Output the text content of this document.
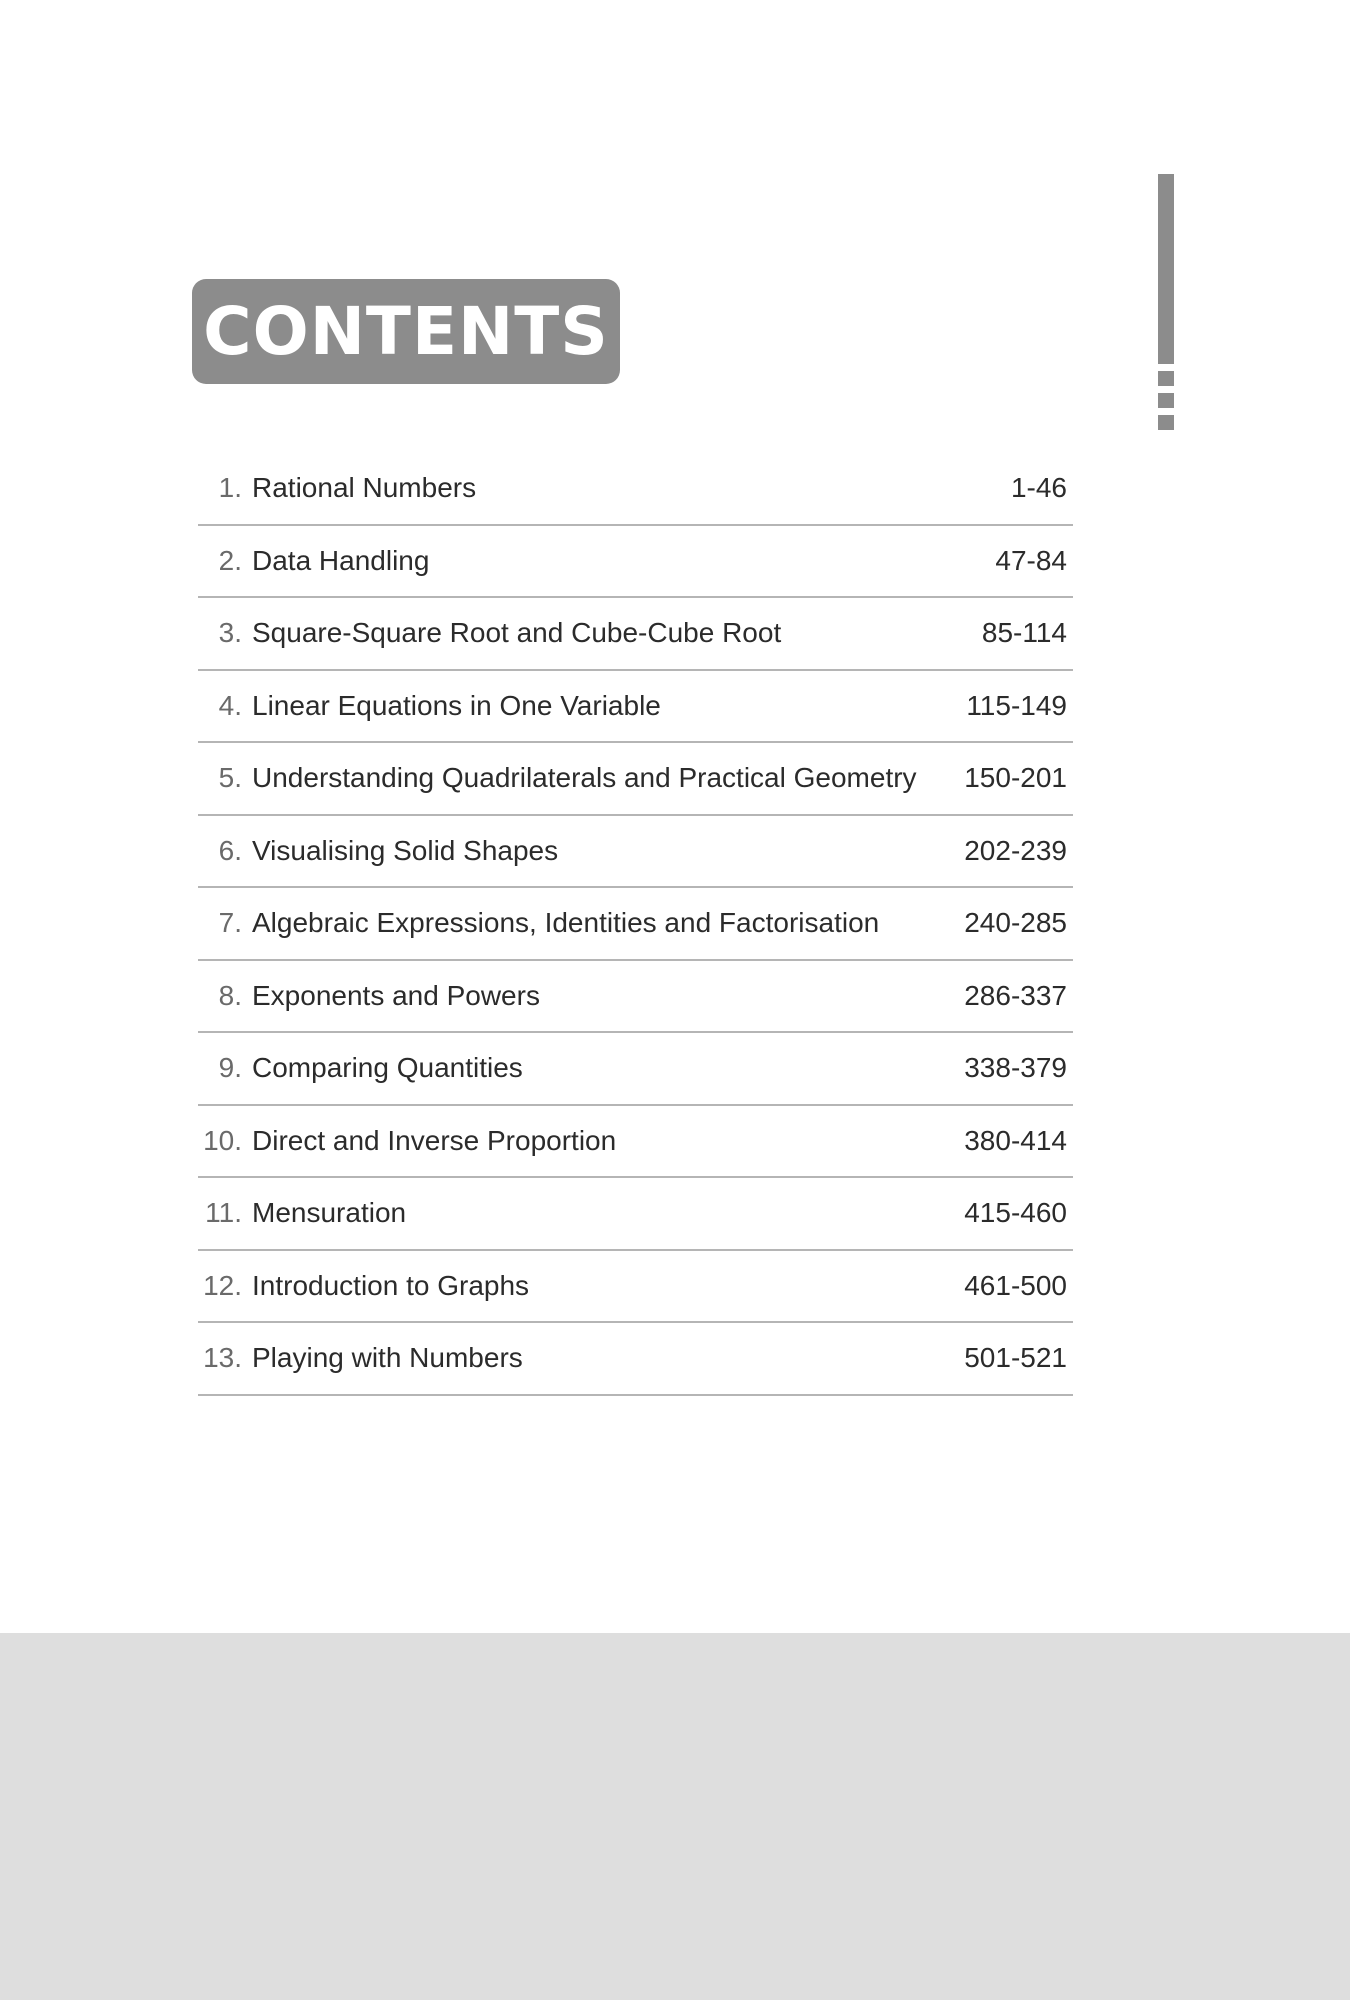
CONTENTS
1. Rational Numbers	1-46
2. Data Handling	47-84
3. Square-Square Root and Cube-Cube Root	85-114
4. Linear Equations in One Variable	115-149
5. Understanding Quadrilaterals and Practical Geometry	150-201
6. Visualising Solid Shapes	202-239
7. Algebraic Expressions, Identities and Factorisation	240-285
8. Exponents and Powers	286-337
9. Comparing Quantities	338-379
10. Direct and Inverse Proportion	380-414
11. Mensuration	415-460
12. Introduction to Graphs	461-500
13. Playing with Numbers	501-521
